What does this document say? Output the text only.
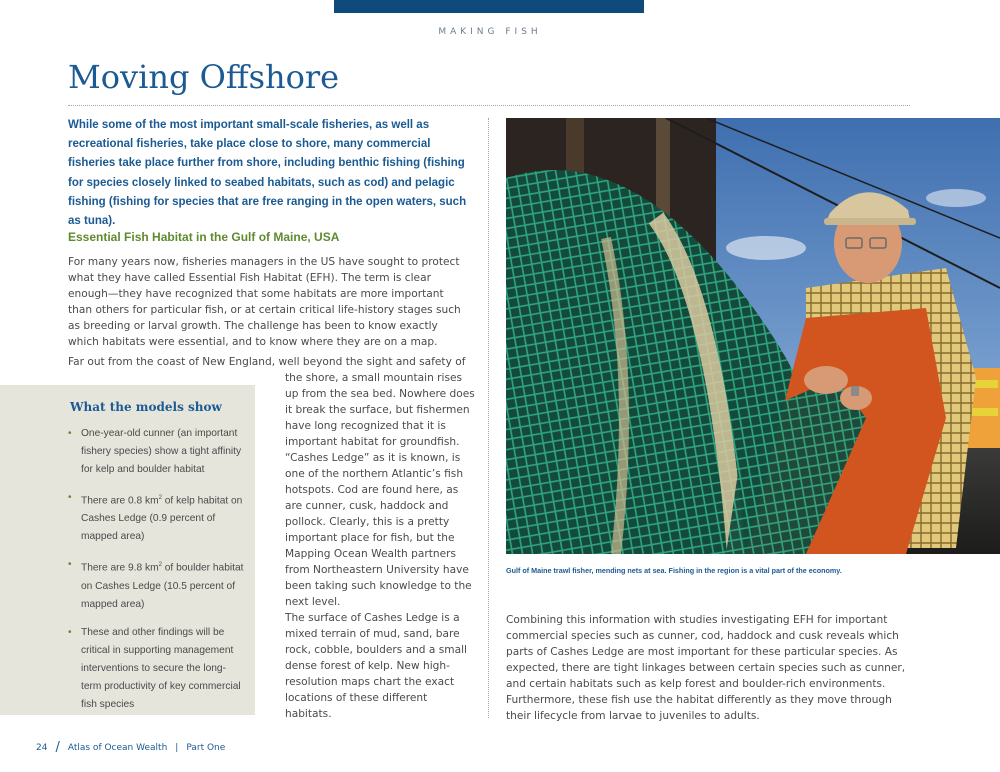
MAKING FISH
Moving Offshore

While some of the most important small-scale fisheries, as well as recreational fisheries, take place close to shore, many commercial fisheries take place further from shore, including benthic fishing (fishing for species closely linked to seabed habitats, such as cod) and pelagic fishing (fishing for species that are free ranging in the open waters, such as tuna).

Essential Fish Habitat in the Gulf of Maine, USA

For many years now, fisheries managers in the US have sought to protect what they have called Essential Fish Habitat (EFH). The term is clear enough—they have recognized that some habitats are more important than others for particular fish, or at certain critical life-history stages such as breeding or larval growth. The challenge has been to know exactly which habitats were essential, and to know where they are on a map.

Far out from the coast of New England, well beyond the sight and safety of

the shore, a small mountain rises up from the sea bed. Nowhere does it break the surface, but fishermen have long recognized that it is important habitat for groundfish. “Cashes Ledge” as it is known, is one of the northern Atlantic’s fish hotspots. Cod are found here, as are cunner, cusk, haddock and pollock. Clearly, this is a pretty important place for fish, but the Mapping Ocean Wealth partners from Northeastern University have been taking such knowledge to the next level.

The surface of Cashes Ledge is a mixed terrain of mud, sand, bare rock, cobble, boulders and a small dense forest of kelp. New high-resolution maps chart the exact locations of these different habitats.

What the models show
• One-year-old cunner (an important fishery species) show a tight affinity for kelp and boulder habitat
• There are 0.8 $km^2$ of kelp habitat on Cashes Ledge (0.9 percent of mapped area)
• There are 9.8 $km^2$ of boulder habitat on Cashes Ledge (10.5 percent of mapped area)
• These and other findings will be critical in supporting management interventions to secure the long-term productivity of key commercial fish species

Gulf of Maine trawl fisher, mending nets at sea. Fishing in the region is a vital part of the economy.

Combining this information with studies investigating EFH for important commercial species such as cunner, cod, haddock and cusk reveals which parts of Cashes Ledge are most important for these particular species. As expected, there are tight linkages between certain species such as cunner, and certain habitats such as kelp forest and boulder-rich environments. Furthermore, these fish use the habitat differently as they move through their lifecycle from larvae to juveniles to adults.

24 / Atlas of Ocean Wealth | Part One
